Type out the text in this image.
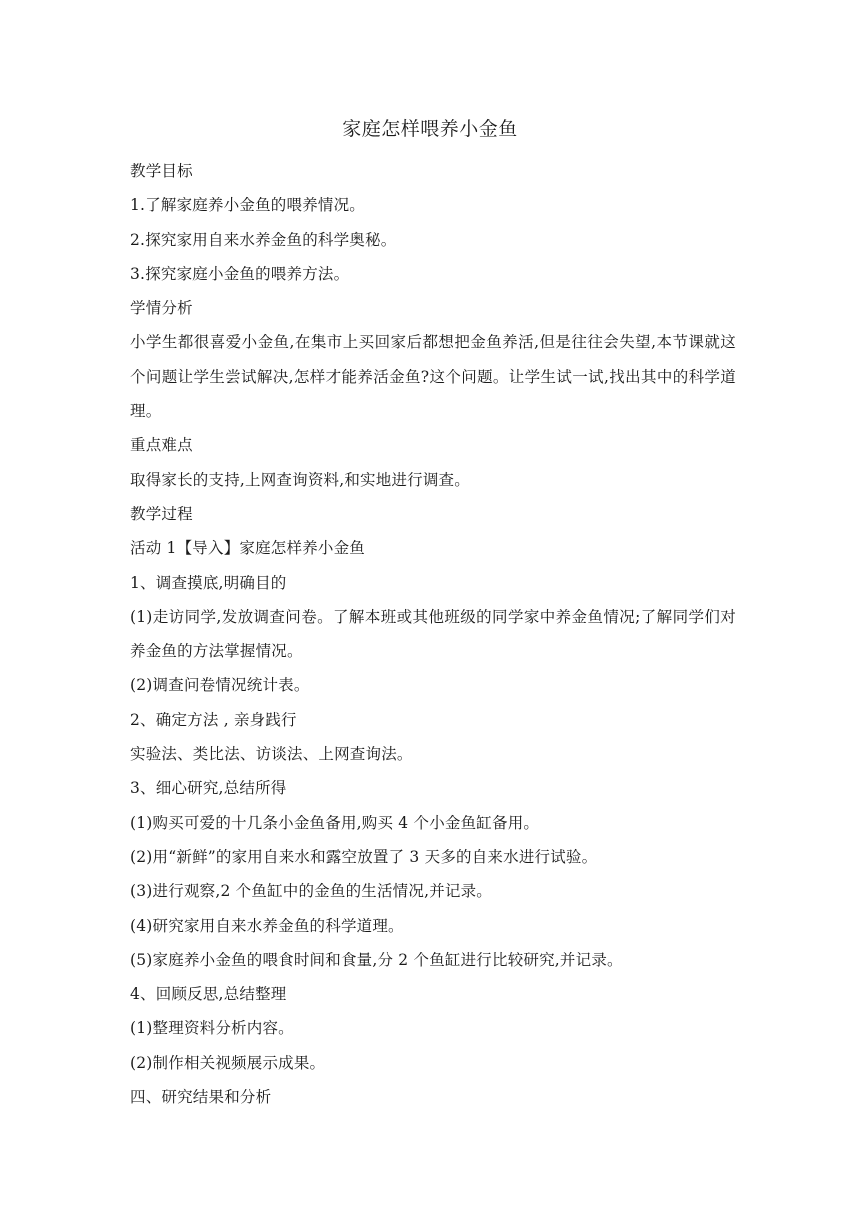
家庭怎样喂养小金鱼
教学目标
1.了解家庭养小金鱼的喂养情况。
2.探究家用自来水养金鱼的科学奥秘。
3.探究家庭小金鱼的喂养方法。
学情分析
小学生都很喜爱小金鱼,在集市上买回家后都想把金鱼养活,但是往往会失望,本节课就这个问题让学生尝试解决,怎样才能养活金鱼?这个问题。让学生试一试,找出其中的科学道理。
重点难点
取得家长的支持,上网查询资料,和实地进行调查。
教学过程
活动 1【导入】家庭怎样养小金鱼
1、调查摸底,明确目的
(1)走访同学,发放调查问卷。了解本班或其他班级的同学家中养金鱼情况;了解同学们对养金鱼的方法掌握情况。
(2)调查问卷情况统计表。
2、确定方法 , 亲身践行
实验法、类比法、访谈法、上网查询法。
3、细心研究,总结所得
(1)购买可爱的十几条小金鱼备用,购买 4 个小金鱼缸备用。
(2)用“新鲜”的家用自来水和露空放置了 3 天多的自来水进行试验。
(3)进行观察,2 个鱼缸中的金鱼的生活情况,并记录。
(4)研究家用自来水养金鱼的科学道理。
(5)家庭养小金鱼的喂食时间和食量,分 2 个鱼缸进行比较研究,并记录。
4、回顾反思,总结整理
(1)整理资料分析内容。
(2)制作相关视频展示成果。
四、研究结果和分析
